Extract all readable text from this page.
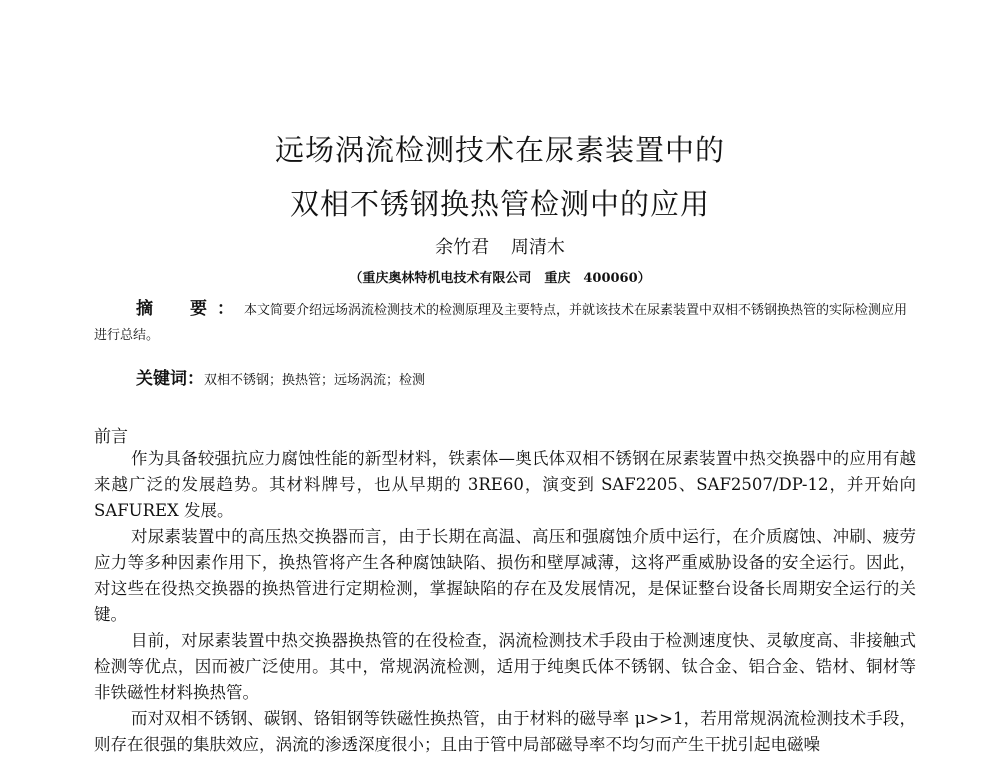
远场涡流检测技术在尿素装置中的
双相不锈钢换热管检测中的应用
余竹君 周清木
（重庆奥林特机电技术有限公司　重庆　400060）
摘　要：本文简要介绍远场涡流检测技术的检测原理及主要特点，并就该技术在尿素装置中双相不锈钢换热管的实际检测应用进行总结。
关键词：双相不锈钢；换热管；远场涡流；检测
前言

作为具备较强抗应力腐蚀性能的新型材料，铁素体—奥氏体双相不锈钢在尿素装置中热交换器中的应用有越来越广泛的发展趋势。其材料牌号，也从早期的 3RE60，演变到 SAF2205、SAF2507/DP-12，并开始向 SAFUREX 发展。

对尿素装置中的高压热交换器而言，由于长期在高温、高压和强腐蚀介质中运行，在介质腐蚀、冲刷、疲劳应力等多种因素作用下，换热管将产生各种腐蚀缺陷、损伤和壁厚减薄，这将严重威胁设备的安全运行。因此，对这些在役热交换器的换热管进行定期检测，掌握缺陷的存在及发展情况，是保证整台设备长周期安全运行的关键。

目前，对尿素装置中热交换器换热管的在役检查，涡流检测技术手段由于检测速度快、灵敏度高、非接触式检测等优点，因而被广泛使用。其中，常规涡流检测，适用于纯奥氏体不锈钢、钛合金、铝合金、锆材、铜材等非铁磁性材料换热管。

而对双相不锈钢、碳钢、铬钼钢等铁磁性换热管，由于材料的磁导率 μ>>1，若用常规涡流检测技术手段，则存在很强的集肤效应，涡流的渗透深度很小；且由于管中局部磁导率不均匀而产生干扰引起电磁噪
